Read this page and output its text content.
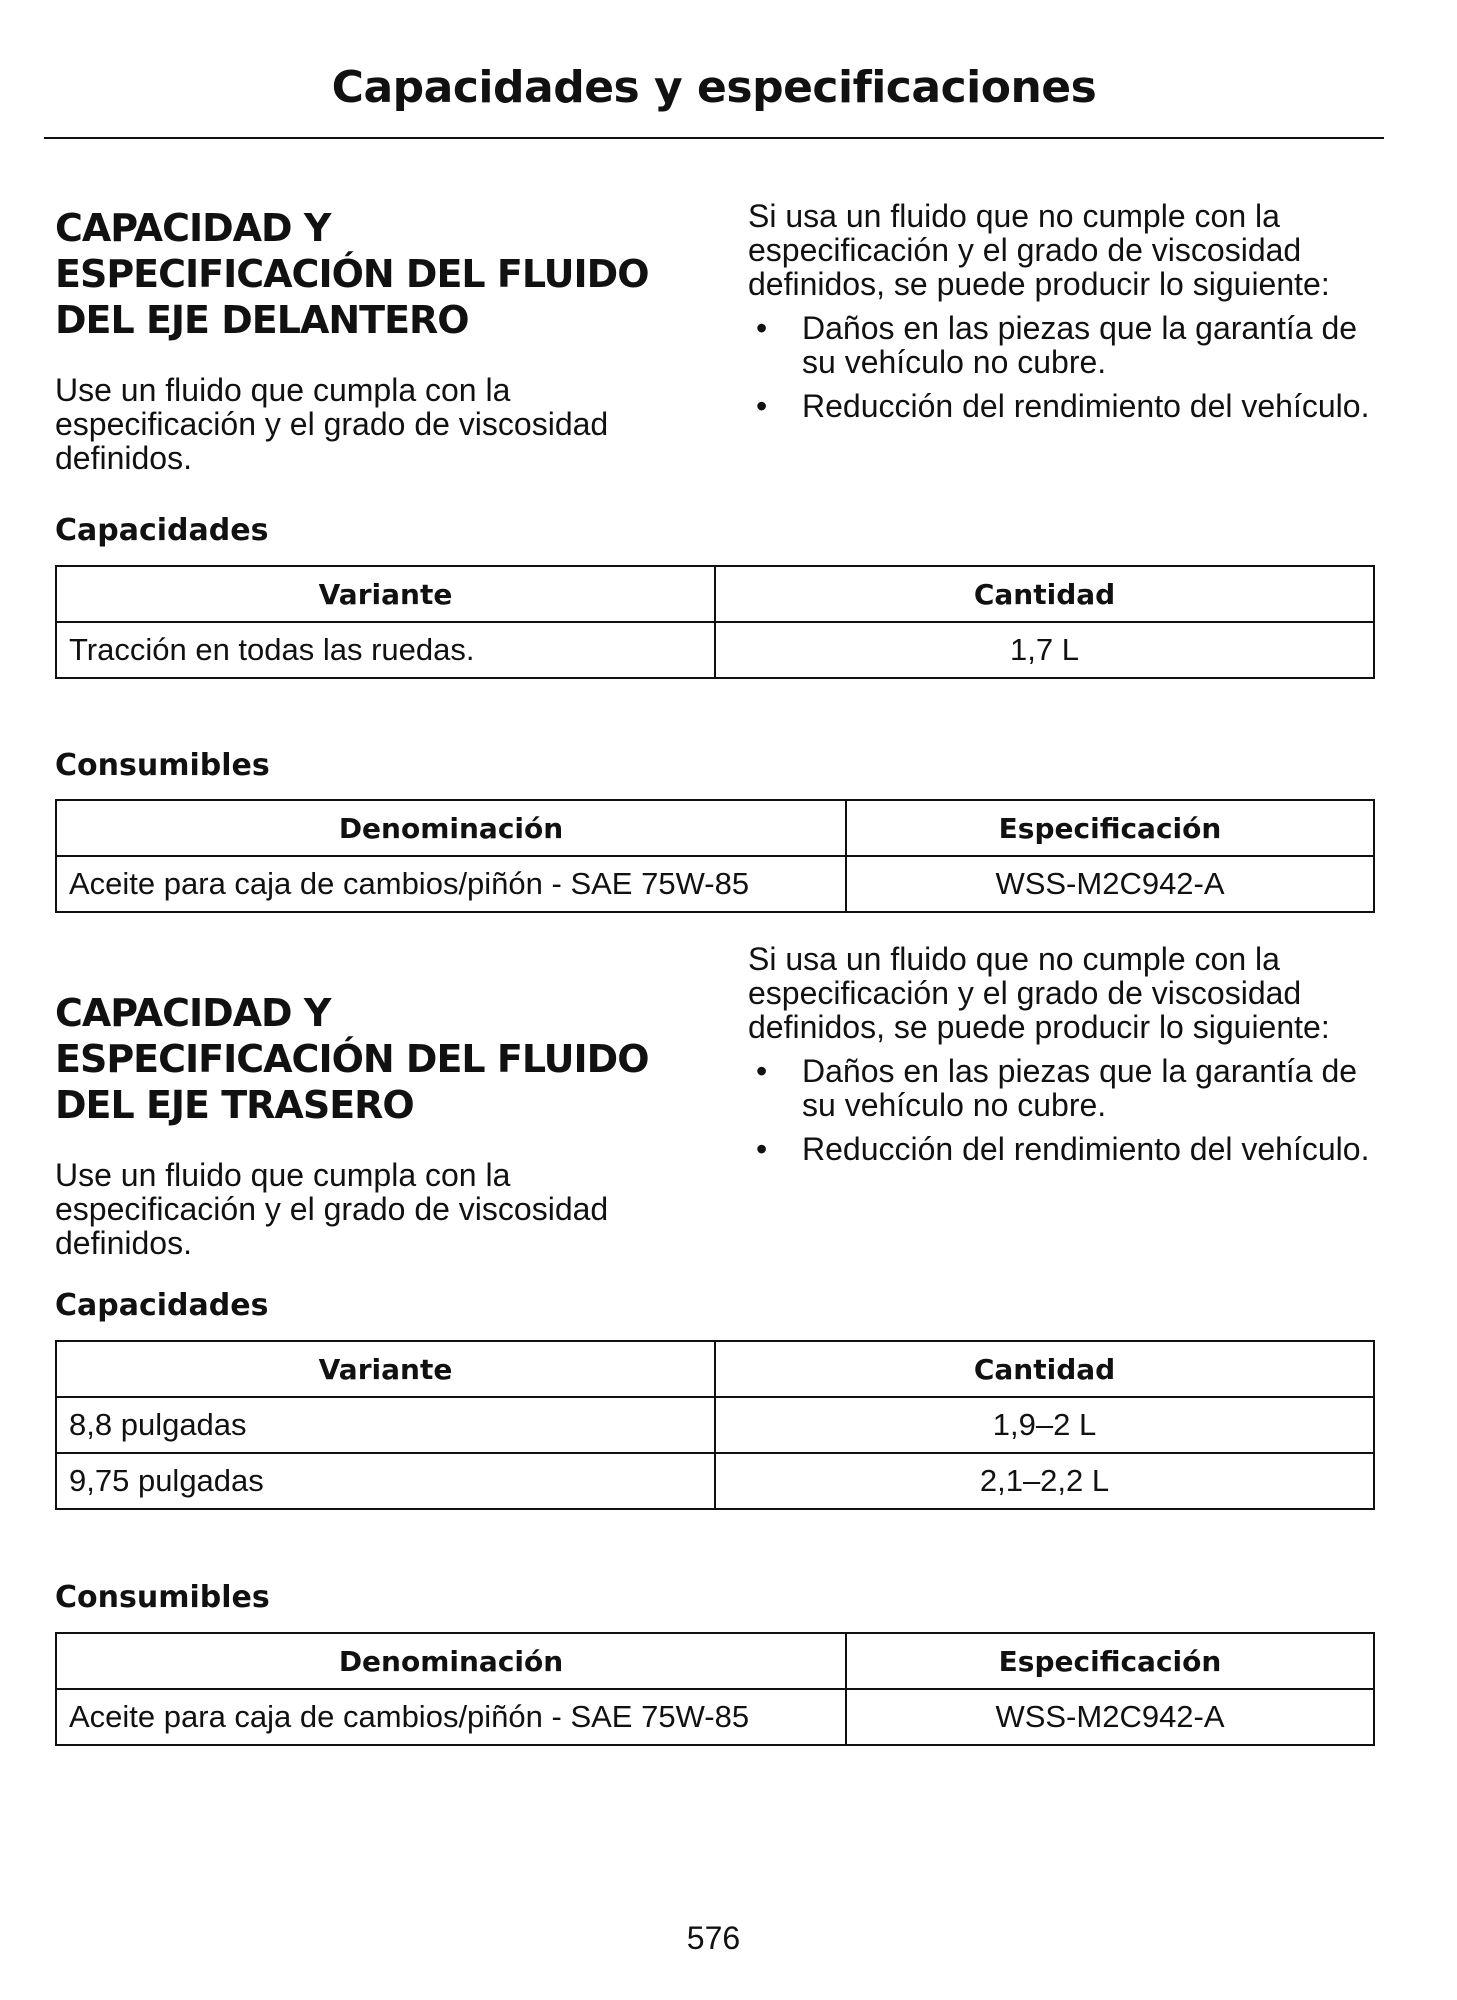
Capacidades y especificaciones
CAPACIDAD Y
ESPECIFICACIÓN DEL FLUIDO
DEL EJE DELANTERO

Use un fluido que cumpla con la especificación y el grado de viscosidad definidos.

Si usa un fluido que no cumple con la especificación y el grado de viscosidad definidos, se puede producir lo siguiente:

• Daños en las piezas que la garantía de su vehículo no cubre.
• Reducción del rendimiento del vehículo.

Capacidades

Variante	Cantidad
Tracción en todas las ruedas.	1,7 L

Consumibles

Denominación	Especificación
Aceite para caja de cambios/piñón - SAE 75W-85	WSS-M2C942-A
CAPACIDAD Y
ESPECIFICACIÓN DEL FLUIDO
DEL EJE TRASERO

Use un fluido que cumpla con la especificación y el grado de viscosidad definidos.

Si usa un fluido que no cumple con la especificación y el grado de viscosidad definidos, se puede producir lo siguiente:

• Daños en las piezas que la garantía de su vehículo no cubre.
• Reducción del rendimiento del vehículo.

Capacidades

Variante	Cantidad
8,8 pulgadas	1,9–2 L
9,75 pulgadas	2,1–2,2 L

Consumibles

Denominación	Especificación
Aceite para caja de cambios/piñón - SAE 75W-85	WSS-M2C942-A
576
